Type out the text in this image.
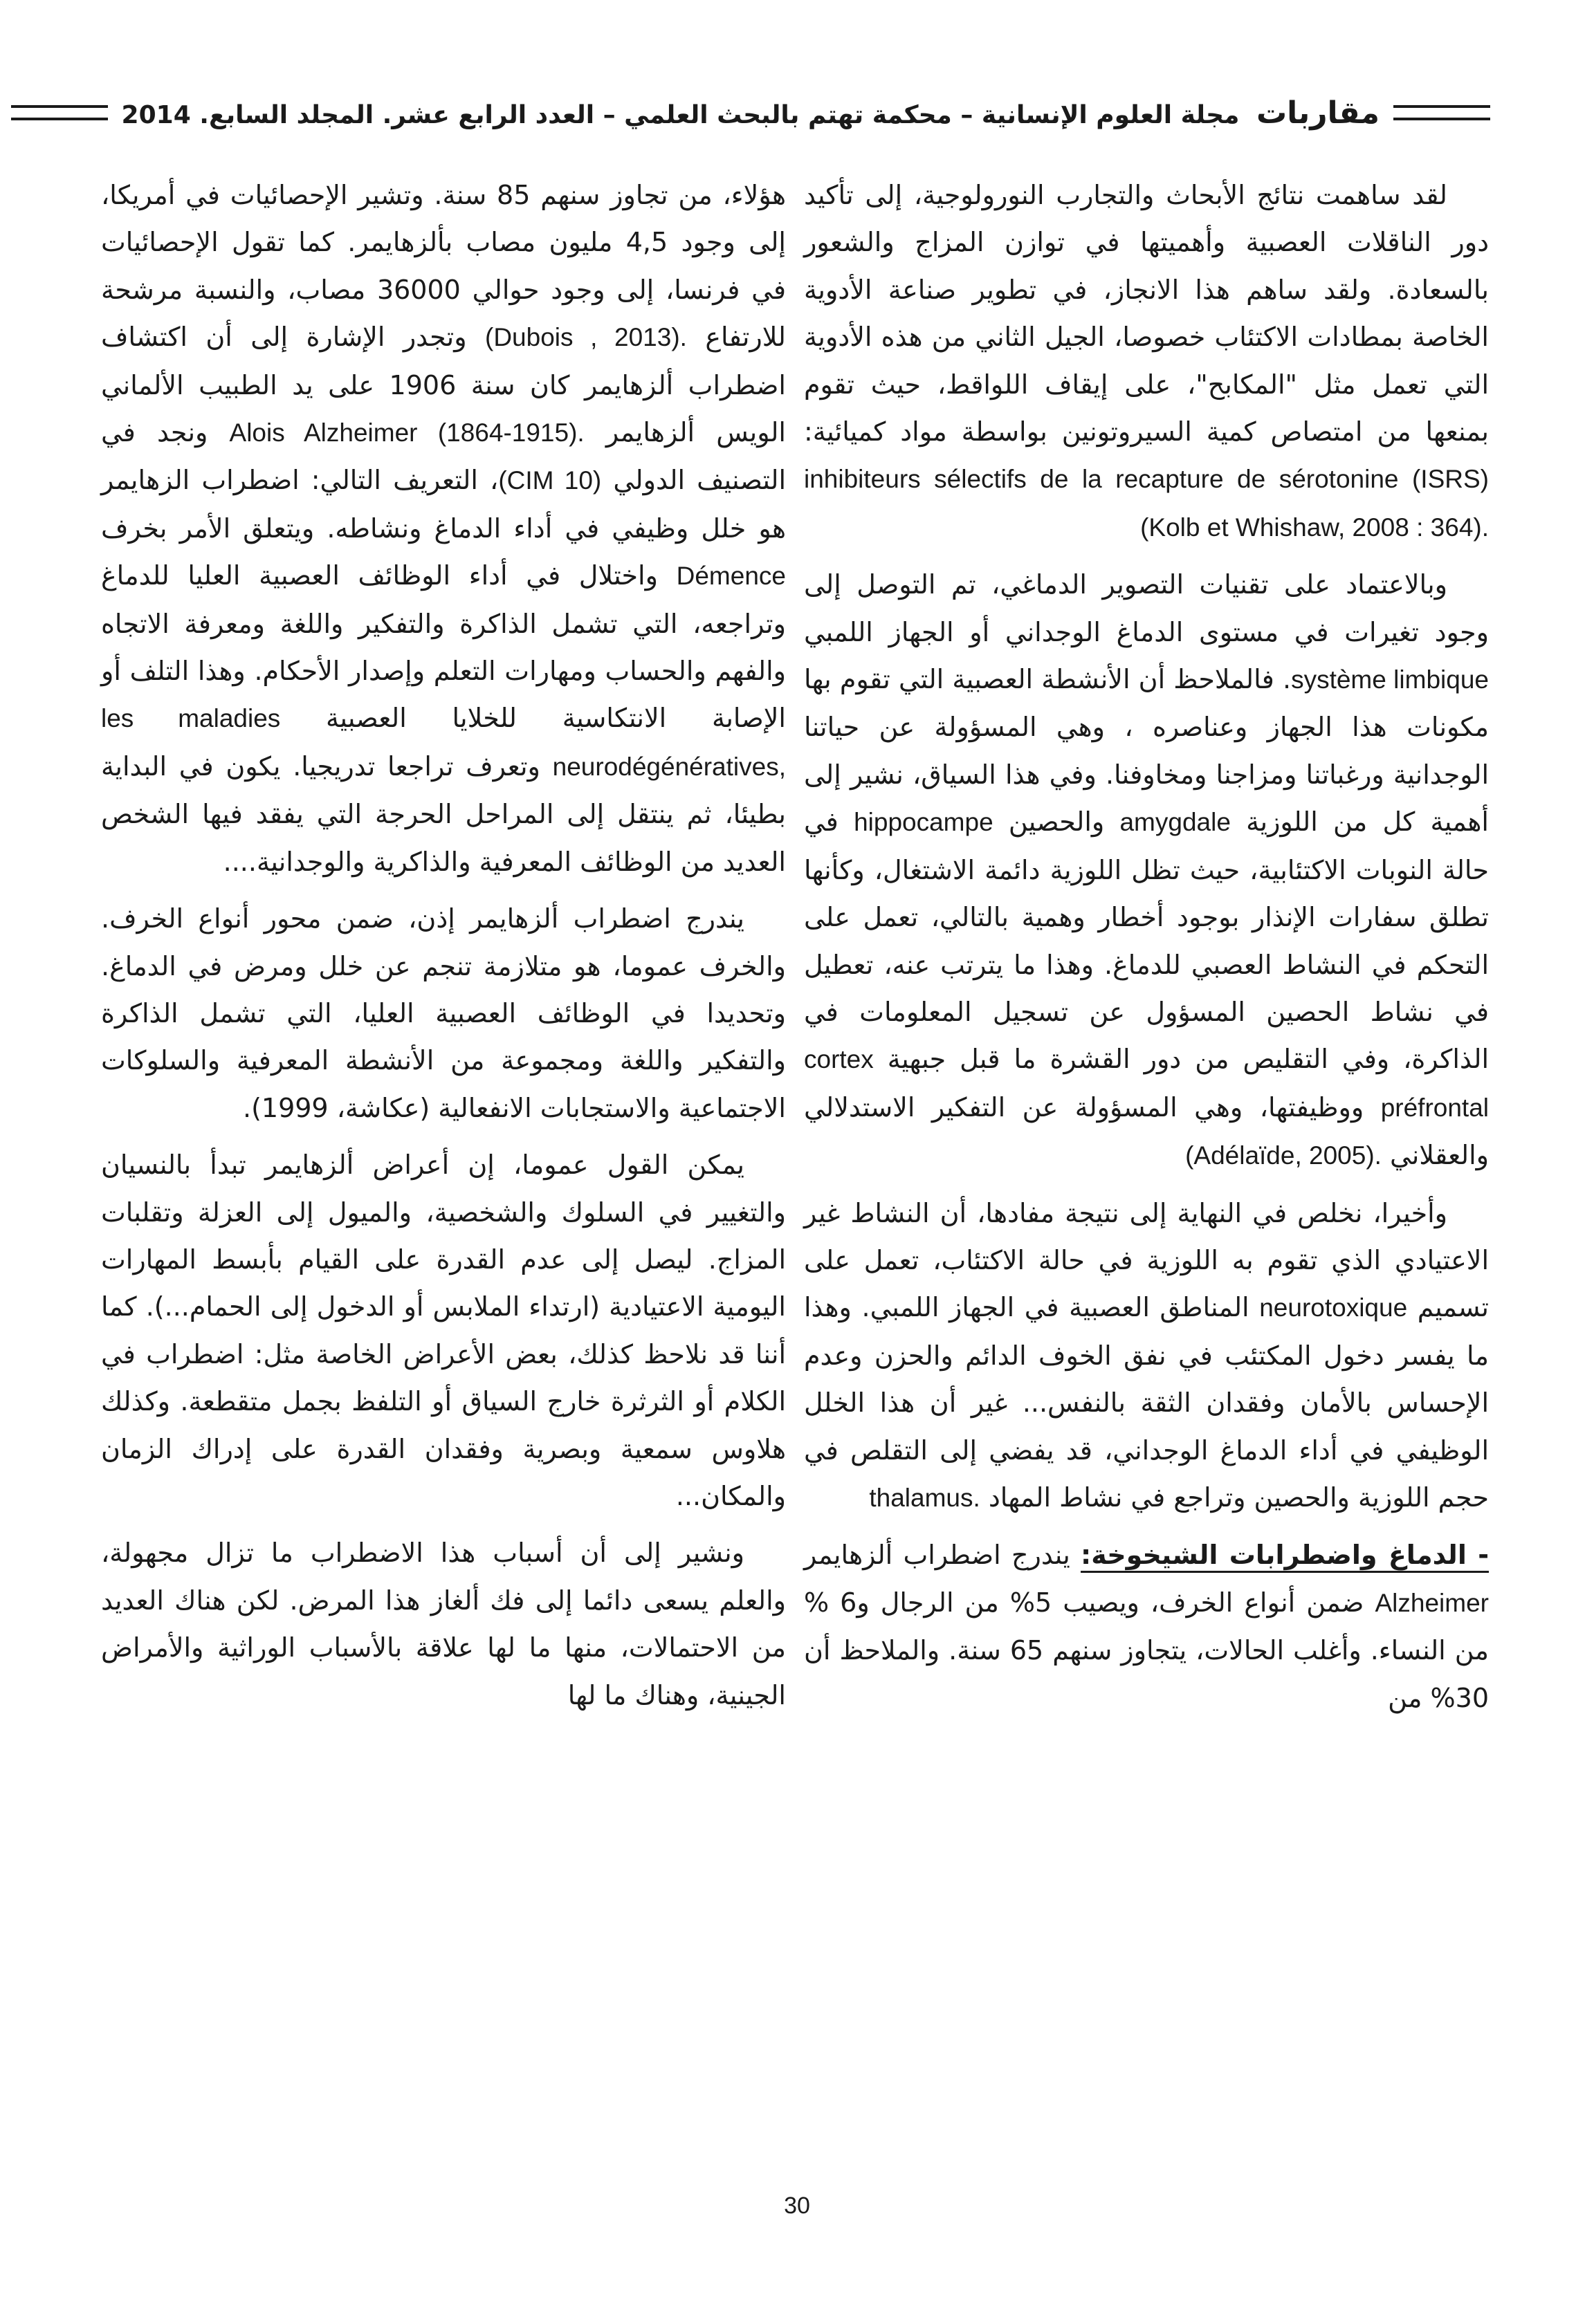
مقاربات مجلة العلوم الإنسانية – محكمة تهتم بالبحث العلمي – العدد الرابع عشر. المجلد السابع. 2014

لقد ساهمت نتائج الأبحاث والتجارب النورولوجية، إلى تأكيد دور الناقلات العصبية وأهميتها في توازن المزاج والشعور بالسعادة. ولقد ساهم هذا الانجاز، في تطوير صناعة الأدوية الخاصة بمطادات الاكتئاب خصوصا، الجيل الثاني من هذه الأدوية التي تعمل مثل "المكابح"، على إيقاف اللواقط، حيث تقوم بمنعها من امتصاص كمية السيروتونين بواسطة مواد كميائية: inhibiteurs sélectifs de la recapture de sérotonine (ISRS) (Kolb et Whishaw, 2008 : 364).

وبالاعتماد على تقنيات التصوير الدماغي، تم التوصل إلى وجود تغيرات في مستوى الدماغ الوجداني أو الجهاز اللمبي système limbique. فالملاحظ أن الأنشطة العصبية التي تقوم بها مكونات هذا الجهاز وعناصره ، وهي المسؤولة عن حياتنا الوجدانية ورغباتنا ومزاجنا ومخاوفنا. وفي هذا السياق، نشير إلى أهمية كل من اللوزية amygdale والحصين hippocampe في حالة النوبات الاكتئابية، حيث تظل اللوزية دائمة الاشتغال، وكأنها تطلق سفارات الإنذار بوجود أخطار وهمية بالتالي، تعمل على التحكم في النشاط العصبي للدماغ. وهذا ما يترتب عنه، تعطيل في نشاط الحصين المسؤول عن تسجيل المعلومات في الذاكرة، وفي التقليص من دور القشرة ما قبل جبهية cortex préfrontal ووظيفتها، وهي المسؤولة عن التفكير الاستدلالي والعقلاني (Adélaïde, 2005).

وأخيرا، نخلص في النهاية إلى نتيجة مفادها، أن النشاط غير الاعتيادي الذي تقوم به اللوزية في حالة الاكتئاب، تعمل على تسميم neurotoxique المناطق العصبية في الجهاز اللمبي. وهذا ما يفسر دخول المكتئب في نفق الخوف الدائم والحزن وعدم الإحساس بالأمان وفقدان الثقة بالنفس... غير أن هذا الخلل الوظيفي في أداء الدماغ الوجداني، قد يفضي إلى التقلص في حجم اللوزية والحصين وتراجع في نشاط المهاد thalamus.

- الدماغ واضطرابات الشيخوخة: يندرج اضطراب ألزهايمر Alzheimer ضمن أنواع الخرف، ويصيب 5% من الرجال و6 % من النساء. وأغلب الحالات، يتجاوز سنهم 65 سنة. والملاحظ أن 30% من

هؤلاء، من تجاوز سنهم 85 سنة. وتشير الإحصائيات في أمريكا، إلى وجود 4,5 مليون مصاب بألزهايمر. كما تقول الإحصائيات في فرنسا، إلى وجود حوالي 36000 مصاب، والنسبة مرشحة للارتفاع (Dubois , 2013). وتجدر الإشارة إلى أن اكتشاف اضطراب ألزهايمر كان سنة 1906 على يد الطبيب الألماني الويس ألزهايمر Alois Alzheimer (1864-1915). ونجد في التصنيف الدولي (CIM 10)، التعريف التالي: اضطراب الزهايمر هو خلل وظيفي في أداء الدماغ ونشاطه. ويتعلق الأمر بخرف Démence واختلال في أداء الوظائف العصبية العليا للدماغ وتراجعه، التي تشمل الذاكرة والتفكير واللغة ومعرفة الاتجاه والفهم والحساب ومهارات التعلم وإصدار الأحكام. وهذا التلف أو الإصابة الانتكاسية للخلايا العصبية les maladies neurodégénératives, وتعرف تراجعا تدريجيا. يكون في البداية بطيئا، ثم ينتقل إلى المراحل الحرجة التي يفقد فيها الشخص العديد من الوظائف المعرفية والذاكرية والوجدانية....

يندرج اضطراب ألزهايمر إذن، ضمن محور أنواع الخرف. والخرف عموما، هو متلازمة تنجم عن خلل ومرض في الدماغ. وتحديدا في الوظائف العصبية العليا، التي تشمل الذاكرة والتفكير واللغة ومجموعة من الأنشطة المعرفية والسلوكات الاجتماعية والاستجابات الانفعالية (عكاشة، 1999).

يمكن القول عموما، إن أعراض ألزهايمر تبدأ بالنسيان والتغيير في السلوك والشخصية، والميول إلى العزلة وتقلبات المزاج. ليصل إلى عدم القدرة على القيام بأبسط المهارات اليومية الاعتيادية (ارتداء الملابس أو الدخول إلى الحمام...). كما أننا قد نلاحظ كذلك، بعض الأعراض الخاصة مثل: اضطراب في الكلام أو الثرثرة خارج السياق أو التلفظ بجمل متقطعة. وكذلك هلاوس سمعية وبصرية وفقدان القدرة على إدراك الزمان والمكان...

ونشير إلى أن أسباب هذا الاضطراب ما تزال مجهولة، والعلم يسعى دائما إلى فك ألغاز هذا المرض. لكن هناك العديد من الاحتمالات، منها ما لها علاقة بالأسباب الوراثية والأمراض الجينية، وهناك ما لها

30
